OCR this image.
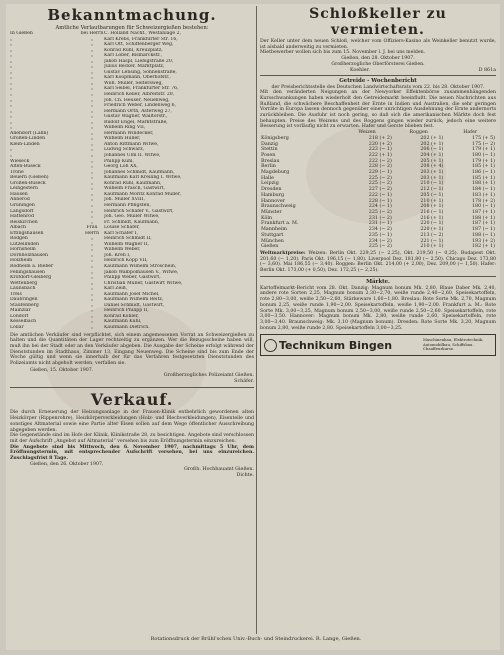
Bekanntmachung.
Amtliche Verlautbarungen für Schweizergießen bestehen:
In Gießen	bei Herrn C. Holland Nachf., Westanlage 2,
„	„	Karl Krebs, Frankfurter Str. 16,
„	„	Karl Ott, Schiffenberger Weg,
„	„	Konrad Ruhl, Kreuzplatz,
„	„	Karl Löber, Bismarckstr.,
„	„	Jakob Haspl, Liebigstraße 20,
„	„	Julius Becker, Marktplatz,
„	„	Gustav Lensing, Sonnenstraße,
„	„	Karl Koopmann, Oberhofstr.,
„	„	Wilh. Müller, Seltersweg,
„	„	Karl Seibel, Frankfurter Str. 76,
„	„	Heinrich Keller, Albreitstr. 20,
„	„	Joh. Ch. Heuser, Neuenweg,
„	„	Friedrich Weber, Lindenweg 6,
„	„	Hermann Orth, Asterweg 27,
„	„	Gustav Wagner, Walltorstr.,
„	„	Rudolf Engel, Marktstraße,
„	„	Wilhelm Ring VII,
Allendorf (Lahn)	„	Hermann Windecker,
Großen-Linden	„	Wilhelm Huller,
Klein-Linden	„	Anton Rittmann Witwe,
„	„	Ludwig Schwarz,
„	„	Johannes Ulm II. Witwe,
Wieseck	„	Philipp Kuhl,
Alten-Buseck	„	Georg Loh XX,
Trohe	„	Johannes Schmidt, Kaufmann,
Beuern (Gießen)	„	Kaufmann Karl Kreiling I. Witwe,
Großen-Buseck	„	Konrad Rühl, Kaufmann,
Leihgestern	„	Wilhelm Frasch, Gastwirt,
Hausen	„	Kaufmann Moritz Konrad Müller,
Annerod	„	Joh. Müller XVIII,
Grüningen	„	Hermann Pfingsten,
Langsdorf	„	Heinrich Schäfer V., Gastwirt,
Hattenrod	„	Joh. Geo. Müller Witwe,
Reiskirchen	„	Fr. Schmidt, Kaufmann,
Albach	Frau	Louise Schäfer,
Ettingshausen	Herrn	Karl Schäfer I,
Rödgen	„	Heinrich Schmidt II,
Lützellinden	„	Wilhelm Wagner II,
Hörnsheim	„	Wilhelm Weber,
Dornholzhausen	„	Joh. Kreh I,
Holzheim	„	Heinrich Kopp VII,
Rodheim a. Bieber	„	Kaufmann Wilhelm Stroschein,
Fellingshausen	„	Jakob Walbpolhausen V., Witwe,
Krofdorf-Gleiberg	„	Philipp Weber, Gastwirt,
Wettenberg	„	Christian Müller, Gastwirt Witwe,
Launsbach	„	Karl Zeiß,
Treis	„	Kaufmann Josef Michel,
Daubringen	„	Kaufmann Wilhelm Reitz,
Staufenberg	„	Daniel Schmidt, Gastwirt,
Mainzlar	„	Heinrich Philipp II,
Londorf	„	Konrad Köhler,
Kesselbach	„	Kaufmann Kuhl,
Lollar	„	Kaufmann Dietrich.
Die amtlichen Verkäufer sind verpflichtet, sich einem angemessenen Vorrat an Schweizergießen zu halten und die Quantitäten der Lager rechtzeitig zu ergänzen. Wer die Bezugsscheine haben will, muß ihn bei der Stadt oder an den Verkäufer abgeben. Die Ausgabe der Scheine erfolgt während der Dienststunden im Stadthaus, Zimmer 13, Eingang Neuenweg. Die Scheine sind bis zum Ende der Woche gültig und wenn sie innerhalb der für das Verfahren festgesetzten Dienststunden des Polizeiamts nicht abgeholt werden, verfallen sie.
Gießen, 15. Oktober 1907.
Großherzogliches Polizeiamt Gießen.
Schäfer.
Verkauf.
Die durch Erneuerung der Heizungsanlage in der Frauen-Klinik entbehrlich gewordenen alten Heizkörper (Rippenrohre), Heizkörperverkleidungen (Holz- und Blechverkleidungen), Eisenteile und sonstiges Altmaterial sowie eine Partie alter Eisen sollen auf dem Wege öffentlicher Ausschreibung abgegeben werden.
Die Gegenstände sind im Hofe der Klinik, Klinikstraße 28, zu besichtigen. Angebote sind verschlossen mit der Aufschrift „Angebot auf Altmaterial“ versehen bis zum Eröffnungstermin einzureichen.
Die Angebote sind bis Mittwoch, den 6. November 1907, nachmittags 5 Uhr, dem Eröffnungstermin, mit entsprechender Aufschrift versehen, bei uns einzureichen. Zuschlagsfrist 8 Tage.
Gießen, den 26. Oktober 1907.
Großh. Hochbauamt Gießen.
Dichte.
Schloßkeller zu vermieten.
Der Keller unter dem neuen Schloß, welcher vom Offiziers-Kasino als Weinkeller benutzt wurde, ist alsbald anderweitig zu vermieten.
Mietbewerber wollen sich bis zum 15. November l. J. bei uns melden.
Gießen, den 28. Oktober 1907.
Großherzogliche Oberförsterei Gießen.
Koehler.	D 861a
Getreide - Wochenbericht
der Preisberichtsstelle des Deutschen Landwirtschaftsrats vom 22. bis 28. Oktober 1907.
Mit den veränderten Neigungen an der Newyorker Effektenbörse zusammenhängenden Kursschwankungen haben wiederholt den Getreidemarkt beeinflußt. Die neuen Nachrichten aus Rußland, die schwächere Beschaffenheit der Ernte in Indien und Australien, die sehr geringen Vorräte in Europa lassen dennoch gegenüber einer unrichtigen Ausdehnung der Ernte andernorts zurückbleiben. Die Ausfuhr ist noch gering, so daß sich die amerikanischen Märkte doch fest behaupten. Preise des Weizens und des Roggens gingen wieder zurück; jedoch eine weitere Besserung ist vorläufig nicht zu erwarten. Hafer und Gerste blieben fest.
	Weizen	Roggen	Hafer
Königsberg	218 (+ 2)	202 (+ 1)	175 (+ 5)
Danzig	220 (+ 2)	202 (+ 1)	175 (− 2)
Stettin	223 (− 1)	206 (− 1)	179 (+ 1)
Posen	222 (+ 1)	204 (+ 1)	180 (− 1)
Breslau	222 (− 2)	205 (+ 1)	179 (+ 1)
Berlin	228 (− 2)	208 (+ 4)	185 (+ 1)
Magdeburg	229 (− 1)	203 (+ 1)	186 (− 1)
Halle	225 (− 2)	203 (+ 1)	185 (+ 1)
Leipzig	225 (− 2)	210 (− 1)	188 (+ 1)
Dresden	227 (− 2)	212 (− 1)	184 (− 1)
Hamburg	222 (− 1)	205 (− 1)	183 (+ 1)
Hannover	228 (− 1)	210 (+ 1)	178 (+ 2)
Braunschweig	224 (− 1)	208 (+ 1)	180 (− 1)
Münster	225 (− 2)	216 (− 1)	187 (+ 1)
Köln	231 (− 2)	216 (+ 1)	188 (+ 1)
Frankfurt a. M.	231 (− 1)	220 (− 1)	187 (+ 1)
Mannheim	234 (− 2)	220 (+ 1)	187 (− 1)
Stuttgart	235 (− 1)	213 (− 2)	188 (− 1)
München	234 (− 2)	221 (− 1)	193 (+ 2)
Gießen	225 (− 2)	210 (+ 1)	182 (+ 1)
Weltmarktpreise: Weizen: Berlin Okt. 229,25 (− 2,25), Okt. 219,50 (− 0,25). Budapest Okt. 201,60 (− 1,20). Paris Okt. 196,15 (− 1,80). Liverpool Dez. 181,80 (− 2,50). Chicago Dez. 173,80 (− 3,60). Mai 186,55 (− 3,40). Roggen: Berlin Okt. 214,00 (+ 2,00), Dez. 209,00 (− 1,50). Hafer: Berlin Okt. 173,00 (+ 0,50), Dez. 172,25 (− 2,25).
Märkte.
Kartoffelmarkt-Bericht vom 28. Okt. Danzig: Magnum bonum Mk. 2,80, Blaue Daber Mk. 2,40, andere rote Sorten 2,25, Magnum bonum 2,30−2,70, weiße runde 2,40−2,60, Speisekartoffeln, rote 2,80−3,00, weiße 2,50−2,60, Stärkeware 1,60−1,80. Breslau: Rote Sorte Mk. 2,70, Magnum bonum 2,25, weiße runde 1,90−2,00. Speisekartoffeln, weiße 1,90−2,00. Frankfurt a. M.: Rote Sorte Mk. 3,00−3,25, Magnum bonum 2,50−3,00, weiße runde 2,50−2,60. Speisekartoffeln, rote 3,00−3,50. Hannover: Magnum bonum Mk. 2,80, weiße runde 2,60, Speisekartoffeln, rote 3,00−3,40. Braunschweig: Mk. 3,10 (Magnum bonum). Dresden: Rote Sorte Mk. 3,20, Magnum bonum 2,80, weiße runde 2,80. Speisekartoffeln 3,00−3,25.
Technikum Bingen	Maschinenbau, Elektrotechnik, Automobilbau, Schiffsbau. Chauffeurkurse.
Rotationsdruck der Brühl'schen Univ.-Buch- und Steindruckerei. R. Lange, Gießen.
